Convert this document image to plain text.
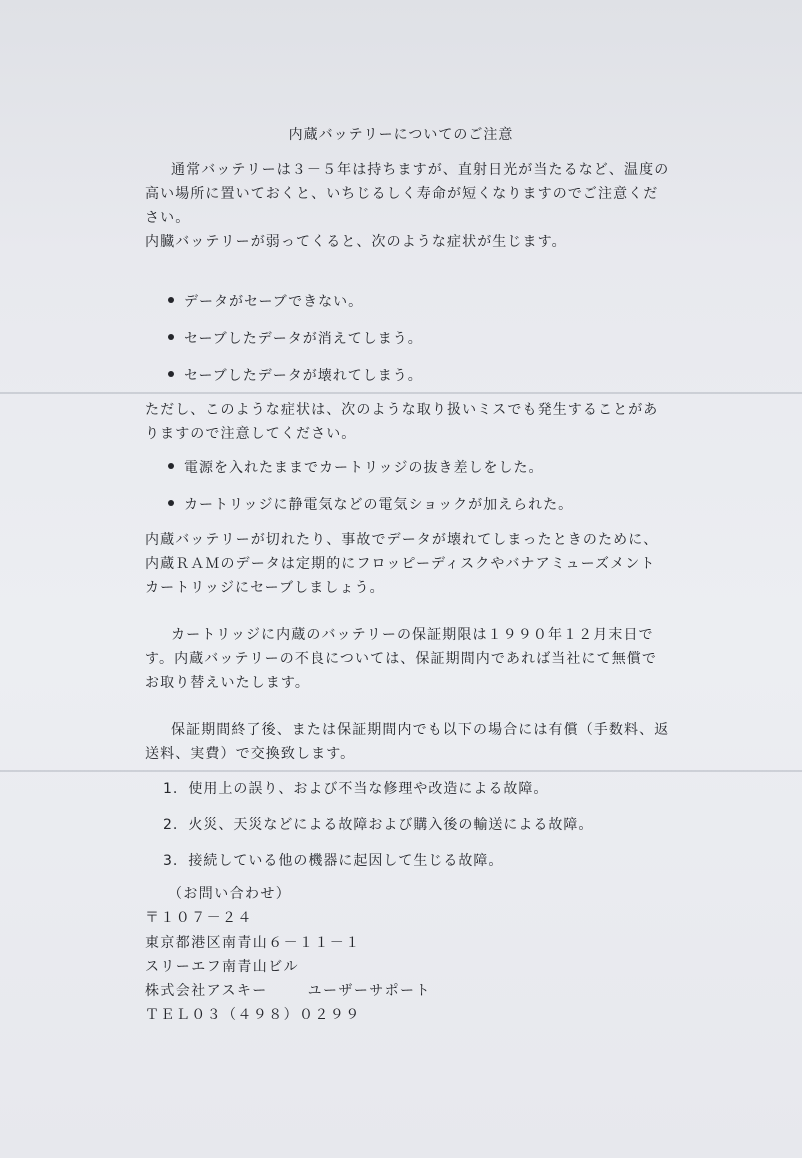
内蔵バッテリーについてのご注意

通常バッテリーは３－５年は持ちますが、直射日光が当たるなど、温度の
高い場所に置いておくと、いちじるしく寿命が短くなりますのでご注意くだ
さい。
内臓バッテリーが弱ってくると、次のような症状が生じます。

データがセーブできない。
セーブしたデータが消えてしまう。
セーブしたデータが壊れてしまう。

ただし、このような症状は、次のような取り扱いミスでも発生することがあ
りますので注意してください。

電源を入れたままでカートリッジの抜き差しをした。
カートリッジに静電気などの電気ショックが加えられた。

内蔵バッテリーが切れたり、事故でデータが壊れてしまったときのために、
内蔵ＲＡＭのデータは定期的にフロッピーディスクやバナアミューズメント
カートリッジにセーブしましょう。

カートリッジに内蔵のバッテリーの保証期限は１９９０年１２月末日で
す。内蔵バッテリーの不良については、保証期間内であれば当社にて無償で
お取り替えいたします。

保証期間終了後、または保証期間内でも以下の場合には有償（手数料、返
送料、実費）で交換致します。

1. 使用上の誤り、および不当な修理や改造による故障。
2. 火災、天災などによる故障および購入後の輸送による故障。
3. 接続している他の機器に起因して生じる故障。
（お問い合わせ）
〒１０７－２４
東京都港区南青山６－１１－１
スリーエフ南青山ビル
株式会社アスキー	ユーザーサポート
ＴＥＬ０３（４９８）０２９９
